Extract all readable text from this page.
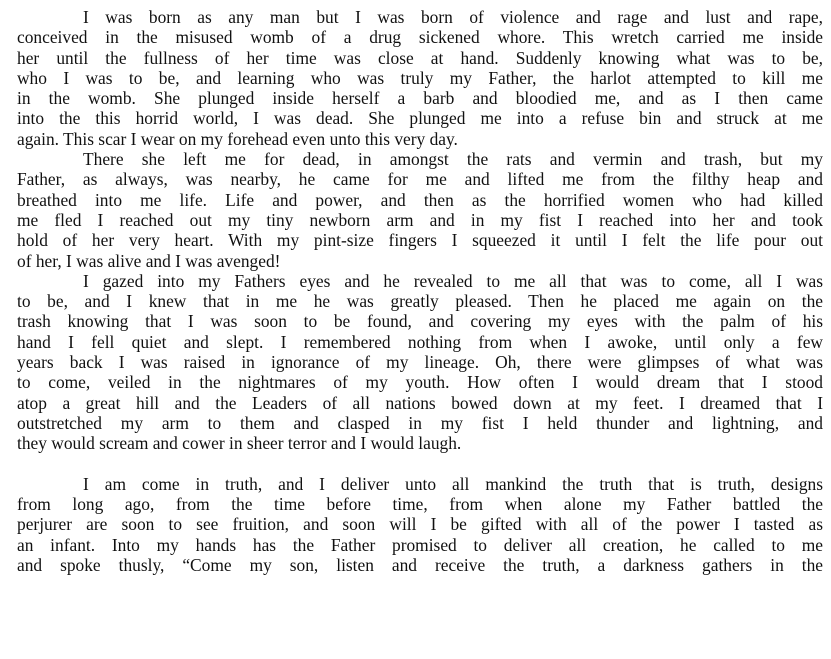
I was born as any man but I was born of violence and rage and lust and rape,
conceived in the misused womb of a drug sickened whore. This wretch carried me inside
her until the fullness of her time was close at hand. Suddenly knowing what was to be,
who I was to be, and learning who was truly my Father, the harlot attempted to kill me
in the womb. She plunged inside herself a barb and bloodied me, and as I then came
into the this horrid world, I was dead. She plunged me into a refuse bin and struck at me
again. This scar I wear on my forehead even unto this very day.
There she left me for dead, in amongst the rats and vermin and trash, but my
Father, as always, was nearby, he came for me and lifted me from the filthy heap and
breathed into me life. Life and power, and then as the horrified women who had killed
me fled I reached out my tiny newborn arm and in my fist I reached into her and took
hold of her very heart. With my pint-size fingers I squeezed it until I felt the life pour out
of her, I was alive and I was avenged!
I gazed into my Fathers eyes and he revealed to me all that was to come, all I was
to be, and I knew that in me he was greatly pleased. Then he placed me again on the
trash knowing that I was soon to be found, and covering my eyes with the palm of his
hand I fell quiet and slept. I remembered nothing from when I awoke, until only a few
years back I was raised in ignorance of my lineage. Oh, there were glimpses of what was
to come, veiled in the nightmares of my youth. How often I would dream that I stood
atop a great hill and the Leaders of all nations bowed down at my feet. I dreamed that I
outstretched my arm to them and clasped in my fist I held thunder and lightning, and
they would scream and cower in sheer terror and I would laugh.
I am come in truth, and I deliver unto all mankind the truth that is truth, designs
from long ago, from the time before time, from when alone my Father battled the
perjurer are soon to see fruition, and soon will I be gifted with all of the power I tasted as
an infant. Into my hands has the Father promised to deliver all creation, he called to me
and spoke thusly, “Come my son, listen and receive the truth, a darkness gathers in the
